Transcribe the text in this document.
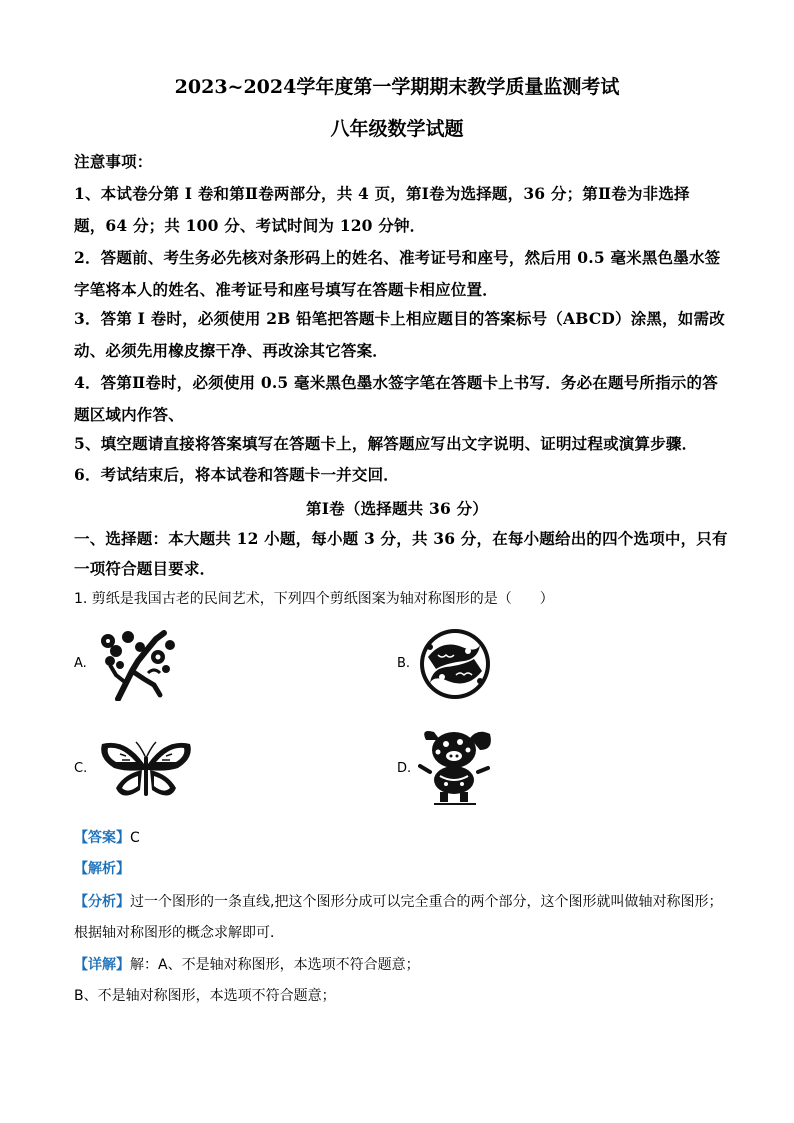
2023~2024学年度第一学期期末教学质量监测考试
八年级数学试题
注意事项：
1、本试卷分第 I 卷和第Ⅱ卷两部分，共 4 页，第Ⅰ卷为选择题，36 分；第Ⅱ卷为非选择
题，64 分；共 100 分、考试时间为 120 分钟．
2．答题前、考生务必先核对条形码上的姓名、准考证号和座号，然后用 0.5 毫米黑色墨水签
字笔将本人的姓名、准考证号和座号填写在答题卡相应位置．
3．答第 I 卷时，必须使用 2B 铅笔把答题卡上相应题目的答案标号（ABCD）涂黑，如需改
动、必须先用橡皮擦干净、再改涂其它答案．
4．答第Ⅱ卷时，必须使用 0.5 毫米黑色墨水签字笔在答题卡上书写．务必在题号所指示的答
题区域内作答、
5、填空题请直接将答案填写在答题卡上，解答题应写出文字说明、证明过程或演算步骤．
6．考试结束后，将本试卷和答题卡一并交回．
第Ⅰ卷（选择题共 36 分）
一、选择题：本大题共 12 小题，每小题 3 分，共 36 分，在每小题给出的四个选项中，只有
一项符合题目要求．
1. 剪纸是我国古老的民间艺术，下列四个剪纸图案为轴对称图形的是（　　）
A.	B.
C.	D.
【答案】C
【解析】
【分析】过一个图形的一条直线,把这个图形分成可以完全重合的两个部分，这个图形就叫做轴对称图形；
根据轴对称图形的概念求解即可．
【详解】解：A、不是轴对称图形，本选项不符合题意；
B、不是轴对称图形，本选项不符合题意；
